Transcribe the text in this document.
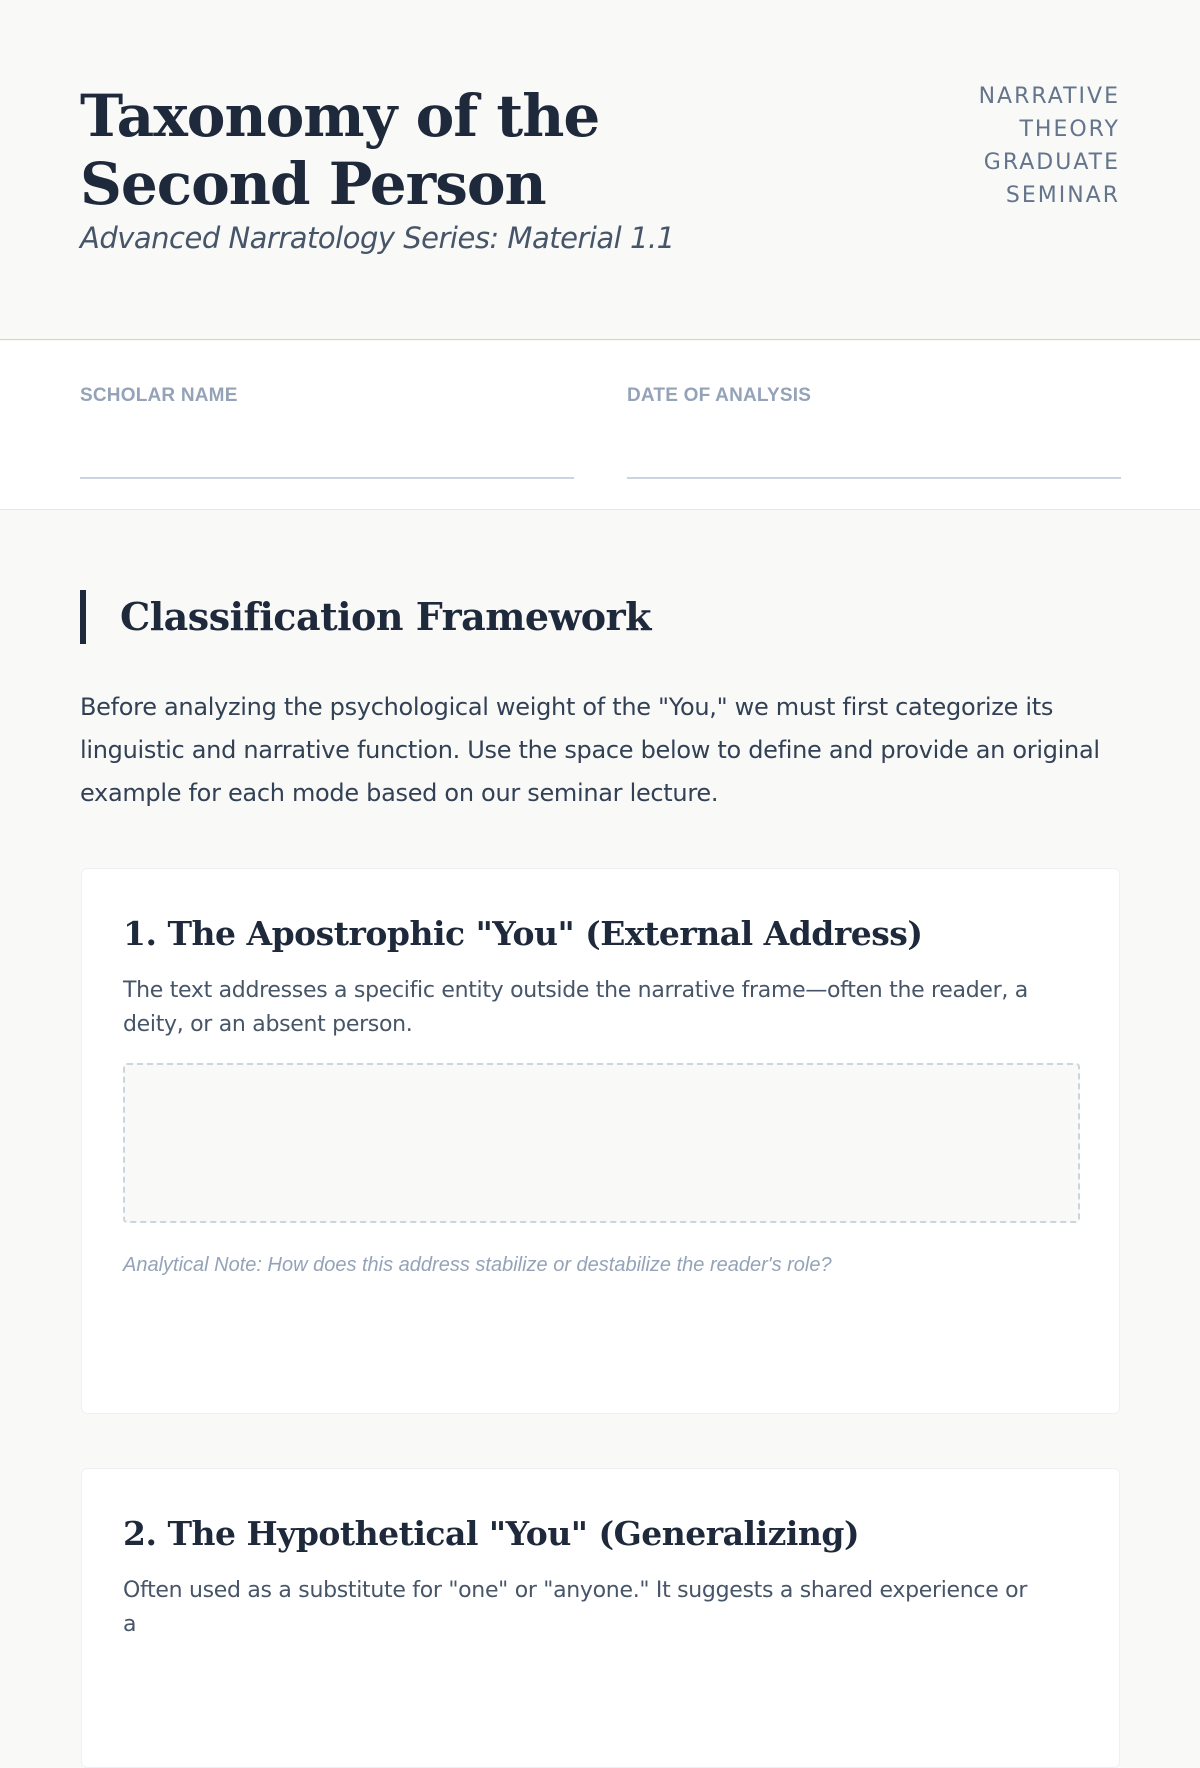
Taxonomy of the Second Person
Advanced Narratology Series: Material 1.1
NARRATIVE THEORY GRADUATE SEMINAR
SCHOLAR NAME	DATE OF ANALYSIS
Classification Framework

Before analyzing the psychological weight of the "You," we must first categorize its linguistic and narrative function. Use the space below to define and provide an original example for each mode based on our seminar lecture.

1. The Apostrophic "You" (External Address)

The text addresses a specific entity outside the narrative frame—often the reader, a deity, or an absent person.

Analytical Note: How does this address stabilize or destabilize the reader's role?

2. The Hypothetical "You" (Generalizing)

Often used as a substitute for "one" or "anyone." It suggests a shared experience or a
